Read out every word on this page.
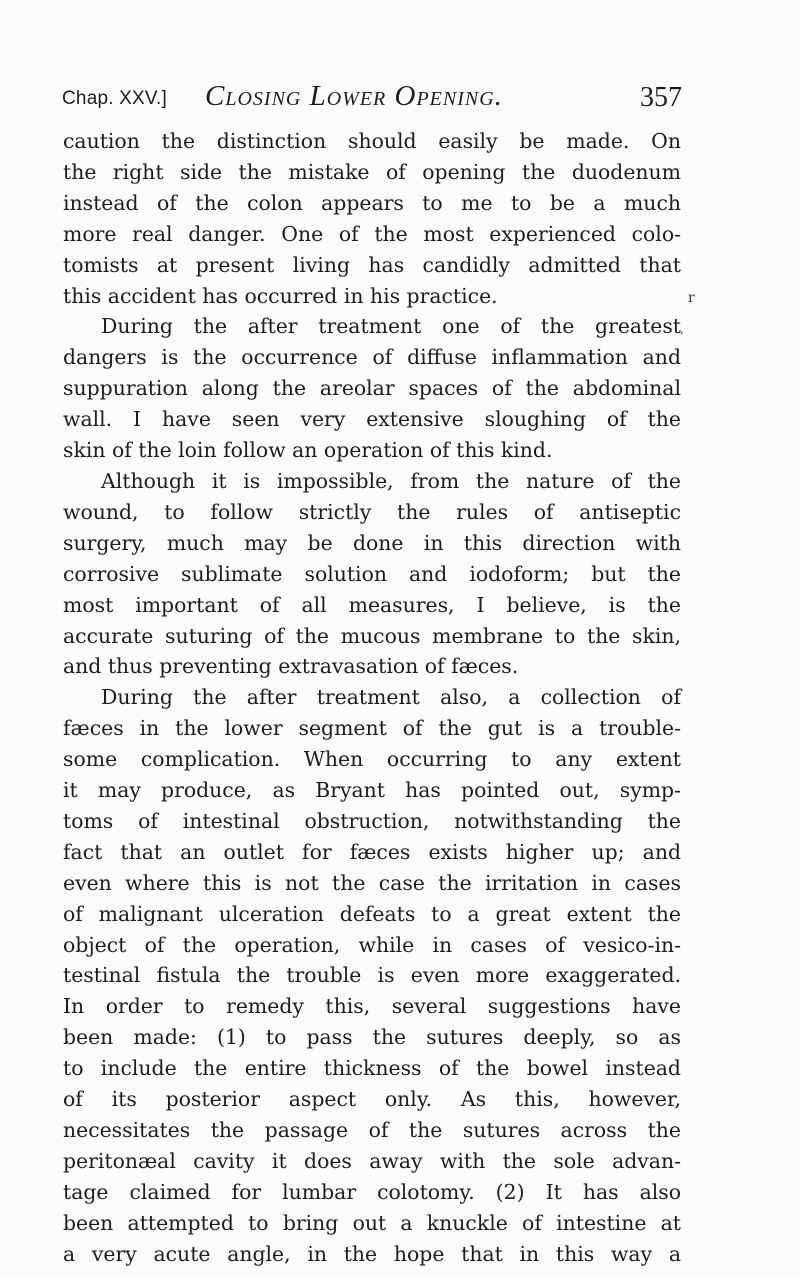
Chap. XXV.] Closing Lower Opening.	357
caution the distinction should easily be made. On
the right side the mistake of opening the duodenum
instead of the colon appears to me to be a much
more real danger. One of the most experienced colo-
tomists at present living has candidly admitted that
this accident has occurred in his practice.
During the after treatment one of the greatest
dangers is the occurrence of diffuse inflammation and
suppuration along the areolar spaces of the abdominal
wall. I have seen very extensive sloughing of the
skin of the loin follow an operation of this kind.
Although it is impossible, from the nature of the
wound, to follow strictly the rules of antiseptic
surgery, much may be done in this direction with
corrosive sublimate solution and iodoform; but the
most important of all measures, I believe, is the
accurate suturing of the mucous membrane to the skin,
and thus preventing extravasation of fæces.
During the after treatment also, a collection of
fæces in the lower segment of the gut is a trouble-
some complication. When occurring to any extent
it may produce, as Bryant has pointed out, symp-
toms of intestinal obstruction, notwithstanding the
fact that an outlet for fæces exists higher up; and
even where this is not the case the irritation in cases
of malignant ulceration defeats to a great extent the
object of the operation, while in cases of vesico-in-
testinal fistula the trouble is even more exaggerated.
In order to remedy this, several suggestions have
been made: (1) to pass the sutures deeply, so as
to include the entire thickness of the bowel instead
of its posterior aspect only. As this, however,
necessitates the passage of the sutures across the
peritonæal cavity it does away with the sole advan-
tage claimed for lumbar colotomy. (2) It has also
been attempted to bring out a knuckle of intestine at
a very acute angle, in the hope that in this way a
r
,
